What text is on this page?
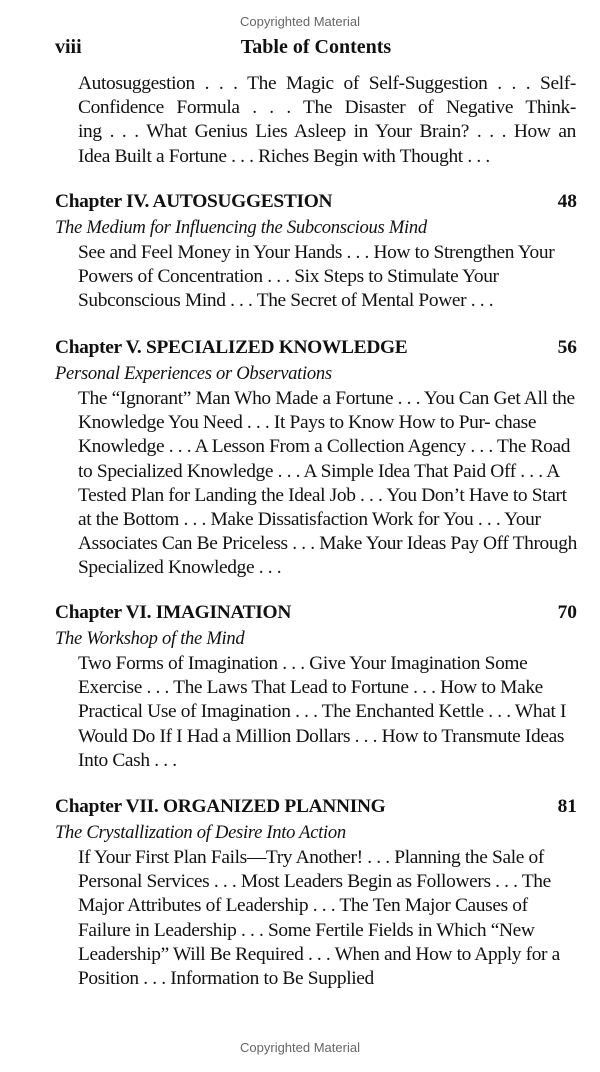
Copyrighted Material
viii	Table of Contents
Autosuggestion . . . The Magic of Self-Suggestion . . . Self-
Confidence Formula . . . The Disaster of Negative Think-
ing . . . What Genius Lies Asleep in Your Brain? . . . How an
Idea Built a Fortune . . . Riches Begin with Thought . . .
Chapter IV. AUTOSUGGESTION	48
The Medium for Influencing the Subconscious Mind
See and Feel Money in Your Hands . . . How to Strengthen Your Powers of Concentration . . . Six Steps to Stimulate Your Subconscious Mind . . . The Secret of Mental Power . . .
Chapter V. SPECIALIZED KNOWLEDGE	56
Personal Experiences or Observations
The “Ignorant” Man Who Made a Fortune . . . You Can Get All the Knowledge You Need . . . It Pays to Know How to Pur- chase Knowledge . . . A Lesson From a Collection Agency . . . The Road to Specialized Knowledge . . . A Simple Idea That Paid Off . . . A Tested Plan for Landing the Ideal Job . . . You Don’t Have to Start at the Bottom . . . Make Dissatisfaction Work for You . . . Your Associates Can Be Priceless . . . Make Your Ideas Pay Off Through Specialized Knowledge . . .
Chapter VI. IMAGINATION	70
The Workshop of the Mind
Two Forms of Imagination . . . Give Your Imagination Some Exercise . . . The Laws That Lead to Fortune . . . How to Make Practical Use of Imagination . . . The Enchanted Kettle . . . What I Would Do If I Had a Million Dollars . . . How to Transmute Ideas Into Cash . . .
Chapter VII. ORGANIZED PLANNING	81
The Crystallization of Desire Into Action
If Your First Plan Fails—Try Another! . . . Planning the Sale of Personal Services . . . Most Leaders Begin as Followers . . . The Major Attributes of Leadership . . . The Ten Major Causes of Failure in Leadership . . . Some Fertile Fields in Which “New Leadership” Will Be Required . . . When and How to Apply for a Position . . . Information to Be Supplied
Copyrighted Material
